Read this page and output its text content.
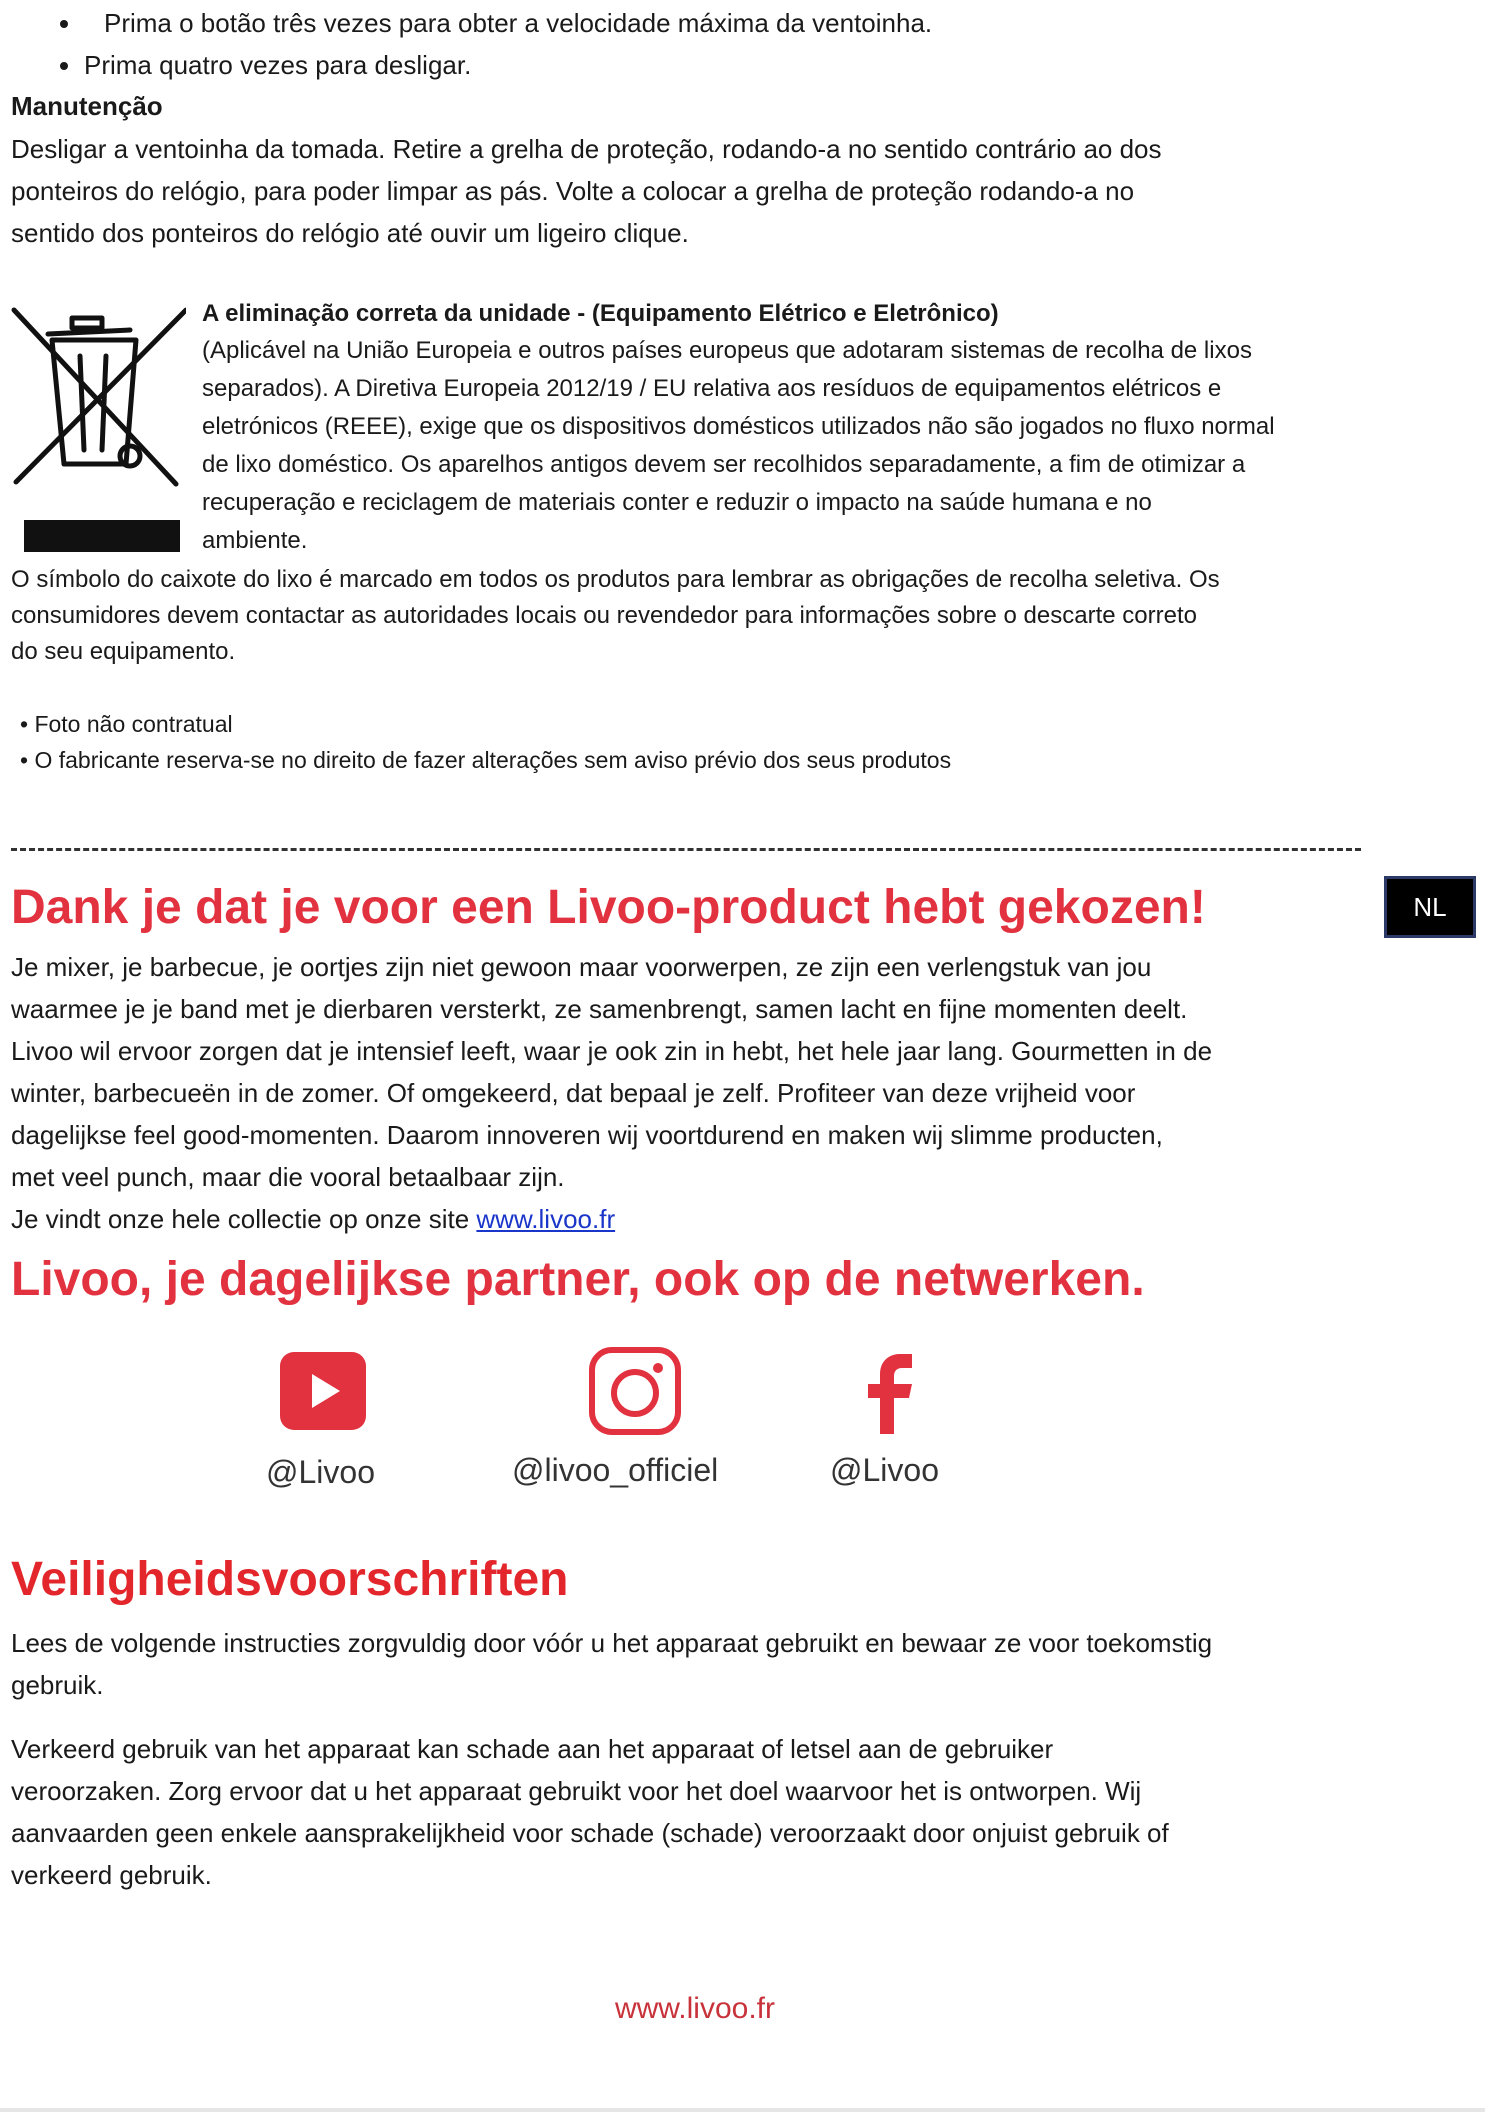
Prima o botão três vezes para obter a velocidade máxima da ventoinha.
Prima quatro vezes para desligar.
Manutenção
Desligar a ventoinha da tomada. Retire a grelha de proteção, rodando-a no sentido contrário ao dos
ponteiros do relógio, para poder limpar as pás. Volte a colocar a grelha de proteção rodando-a no
sentido dos ponteiros do relógio até ouvir um ligeiro clique.
A eliminação correta da unidade - (Equipamento Elétrico e Eletrônico)
(Aplicável na União Europeia e outros países europeus que adotaram sistemas de recolha de lixos
separados). A Diretiva Europeia 2012/19 / EU relativa aos resíduos de equipamentos elétricos e
eletrónicos (REEE), exige que os dispositivos domésticos utilizados não são jogados no fluxo normal
de lixo doméstico. Os aparelhos antigos devem ser recolhidos separadamente, a fim de otimizar a
recuperação e reciclagem de materiais conter e reduzir o impacto na saúde humana e no
ambiente.
O símbolo do caixote do lixo é marcado em todos os produtos para lembrar as obrigações de recolha seletiva. Os
consumidores devem contactar as autoridades locais ou revendedor para informações sobre o descarte correto
do seu equipamento.
• Foto não contratual
• O fabricante reserva-se no direito de fazer alterações sem aviso prévio dos seus produtos
NL
Dank je dat je voor een Livoo-product hebt gekozen!
Je mixer, je barbecue, je oortjes zijn niet gewoon maar voorwerpen, ze zijn een verlengstuk van jou
waarmee je je band met je dierbaren versterkt, ze samenbrengt, samen lacht en fijne momenten deelt.
Livoo wil ervoor zorgen dat je intensief leeft, waar je ook zin in hebt, het hele jaar lang. Gourmetten in de
winter, barbecueën in de zomer. Of omgekeerd, dat bepaal je zelf. Profiteer van deze vrijheid voor
dagelijkse feel good-momenten. Daarom innoveren wij voortdurend en maken wij slimme producten,
met veel punch, maar die vooral betaalbaar zijn.
Je vindt onze hele collectie op onze site www.livoo.fr
Livoo, je dagelijkse partner, ook op de netwerken.
@Livoo	@livoo_officiel	@Livoo
Veiligheidsvoorschriften
Lees de volgende instructies zorgvuldig door vóór u het apparaat gebruikt en bewaar ze voor toekomstig
gebruik.
Verkeerd gebruik van het apparaat kan schade aan het apparaat of letsel aan de gebruiker
veroorzaken. Zorg ervoor dat u het apparaat gebruikt voor het doel waarvoor het is ontworpen. Wij
aanvaarden geen enkele aansprakelijkheid voor schade (schade) veroorzaakt door onjuist gebruik of
verkeerd gebruik.
www.livoo.fr
